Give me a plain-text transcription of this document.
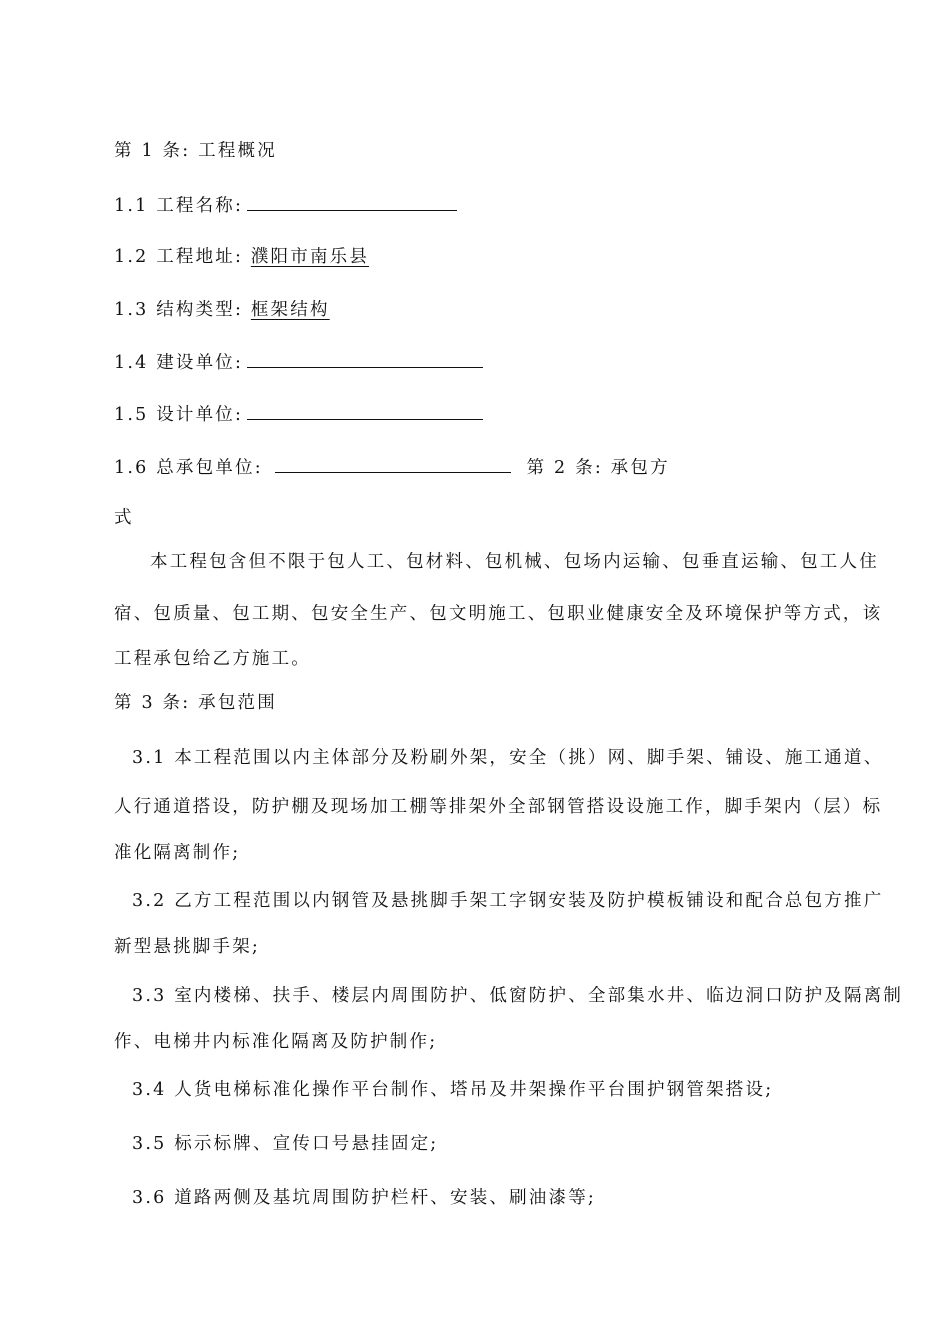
第 1 条: 工程概况
1.1 工程名称:
1.2 工程地址: 濮阳市南乐县
1.3 结构类型: 框架结构
1.4 建设单位:
1.5 设计单位:
1.6 总承包单位:	第 2 条: 承包方
式
本工程包含但不限于包人工、包材料、包机械、包场内运输、包垂直运输、包工人住
宿、包质量、包工期、包安全生产、包文明施工、包职业健康安全及环境保护等方式，该
工程承包给乙方施工。
第 3 条: 承包范围
3.1 本工程范围以内主体部分及粉刷外架，安全（挑）网、脚手架、铺设、施工通道、
人行通道搭设，防护棚及现场加工棚等排架外全部钢管搭设设施工作，脚手架内（层）标
准化隔离制作;
3.2 乙方工程范围以内钢管及悬挑脚手架工字钢安装及防护模板铺设和配合总包方推广
新型悬挑脚手架;
3.3 室内楼梯、扶手、楼层内周围防护、低窗防护、全部集水井、临边洞口防护及隔离制
作、电梯井内标准化隔离及防护制作;
3.4 人货电梯标准化操作平台制作、塔吊及井架操作平台围护钢管架搭设;
3.5 标示标牌、宣传口号悬挂固定;
3.6 道路两侧及基坑周围防护栏杆、安装、刷油漆等;
